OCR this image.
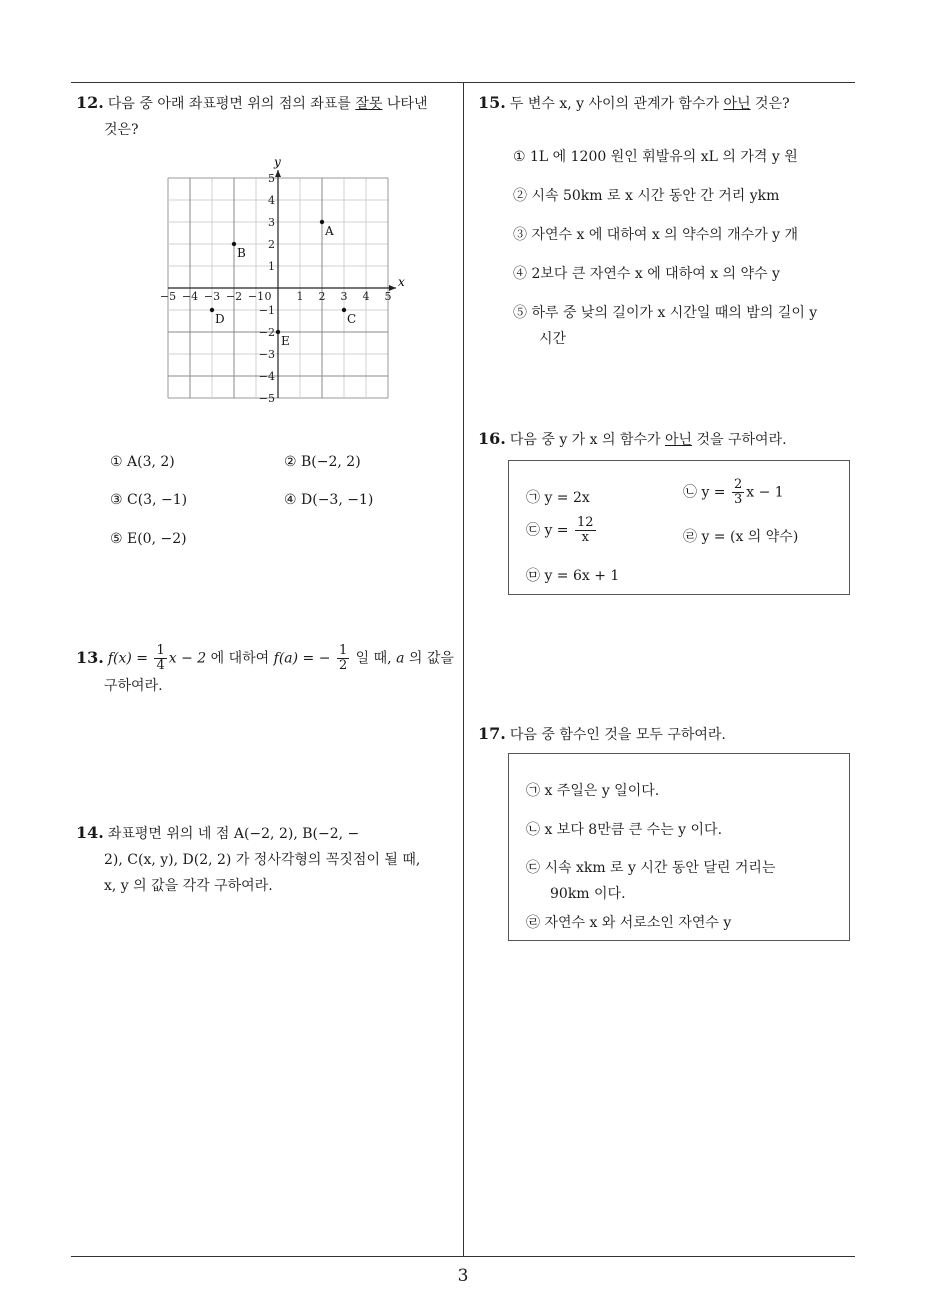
12. 다음 중 아래 좌표평면 위의 점의 좌표를 잘못 나타낸
것은?
x
y
−5 −4 −3 −2 −1 0 1 2 3 4 5
5
4
3
2
1
−1
−2
−3
−4
−5
A
B
C
D
E
① A(3, 2)	② B(−2, 2)
③ C(3, −1)	④ D(−3, −1)
⑤ E(0, −2)
13. $f(x) = \frac{1}{4}$ x − 2 에 대하여 f(a) = − $\frac{1}{2}$ 일 때, a 의 값을
구하여라.
14. 좌표평면 위의 네 점 A(−2, 2), B(−2, −
2), C(x, y), D(2, 2) 가 정사각형의 꼭짓점이 될 때,
x, y 의 값을 각각 구하여라.
15. 두 변수 x, y 사이의 관계가 함수가 아닌 것은?
① 1L 에 1200 원인 휘발유의 xL 의 가격 y 원
② 시속 50km 로 x 시간 동안 간 거리 ykm
③ 자연수 x 에 대하여 x 의 약수의 개수가 y 개
④ 2보다 큰 자연수 x 에 대하여 x 의 약수 y
⑤ 하루 중 낮의 길이가 x 시간일 때의 밤의 길이 y
시간
16. 다음 중 y 가 x 의 함수가 아닌 것을 구하여라.
㉠ y = 2x	㉡ $y = \frac{2}{3}$ x − 1
㉢ $y = \frac{12}{x}$	㉣ y = (x 의 약수)
㉤ y = 6x + 1
17. 다음 중 함수인 것을 모두 구하여라.
㉠ x 주일은 y 일이다.
㉡ x 보다 8만큼 큰 수는 y 이다.
㉢ 시속 xkm 로 y 시간 동안 달린 거리는
90km 이다.
㉣ 자연수 x 와 서로소인 자연수 y
3
